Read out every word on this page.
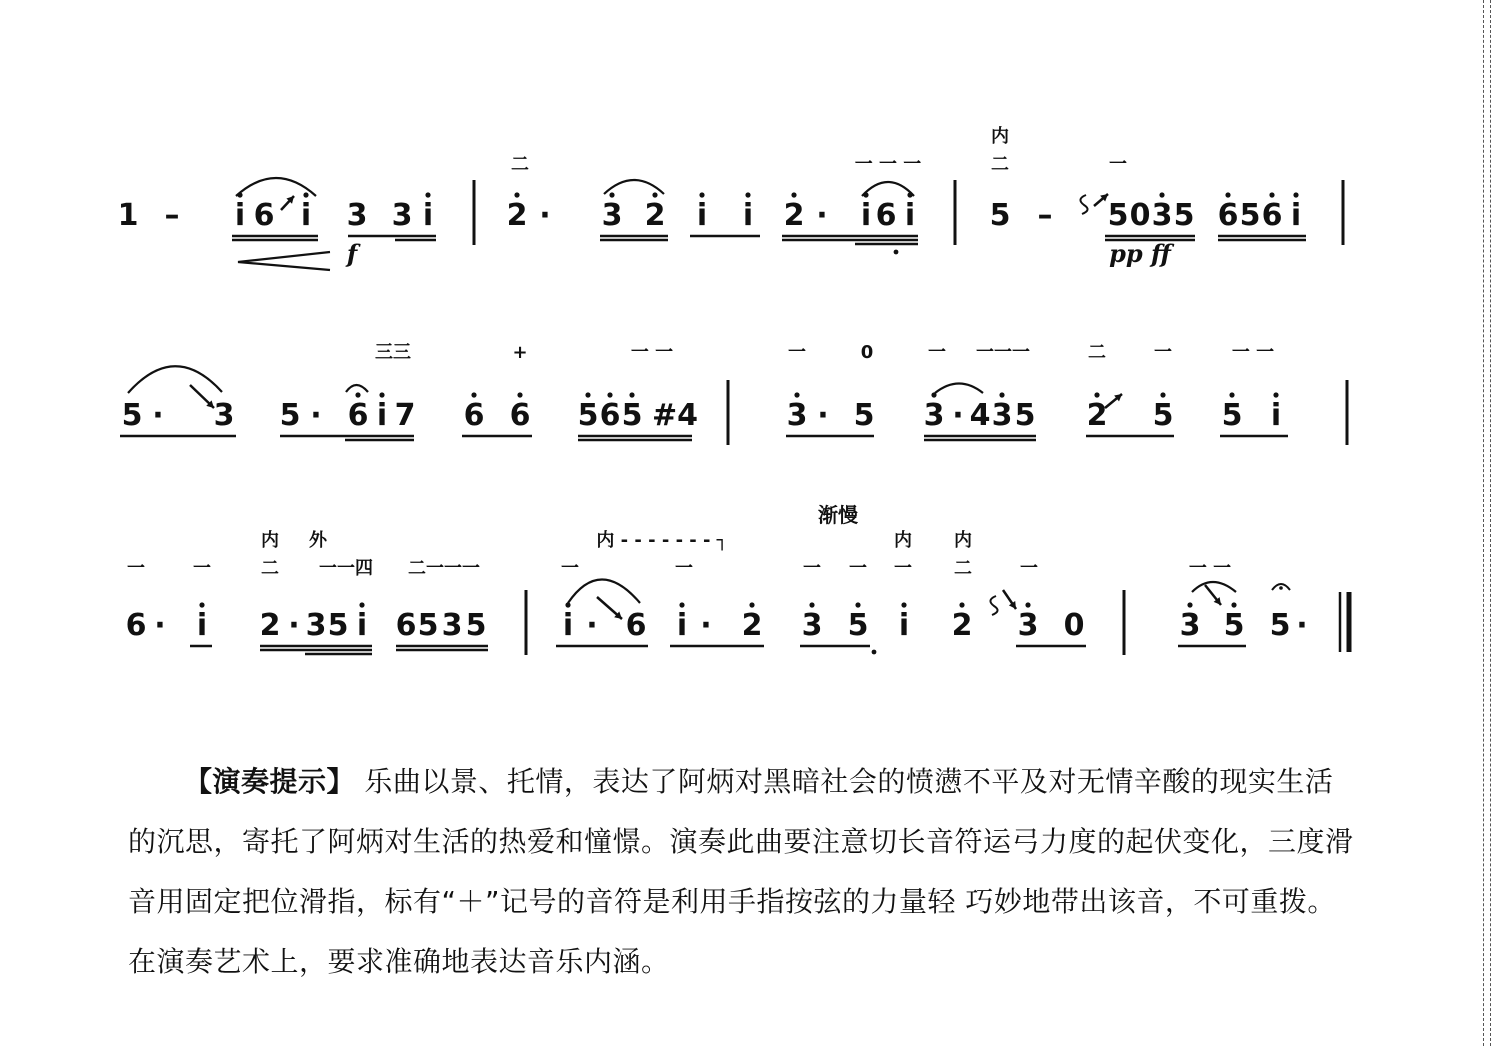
f	pp ff
1 – i 6 i 3 3 i 2 · 3 2 i i 2 · i 6 i 5 – 5 0 3 5 6 5 6 i
内
二	二
一 一 一	一
5 · 3 5 · 6 i 7 6 6 5 6 5 #4	3 · 5 3 · 4 3 5 2 5 5 i
三三	+	一 一	一	0	一 一一一	二	一	一 一
6 · i 2 · 3 5 i 6 5 3 5	i · 6 i · 2 3 5 i 2 3 0	3 5 5 ·
渐慢
内 外	内 - - - - - - - ┐	内 内
一	一	二 一一四 二一一一	一	一	一 一 一 二	一	一 一
【演奏提示】 乐曲以景、托情，表达了阿炳对黑暗社会的愤懑不平及对无情辛酸的现实生活的沉思，寄托了阿炳对生活的热爱和憧憬。演奏此曲要注意切长音符运弓力度的起伏变化，三度滑音用固定把位滑指，标有“＋”记号的音符是利用手指按弦的力量轻 巧妙地带出该音，不可重拨。在演奏艺术上，要求准确地表达音乐内涵。
